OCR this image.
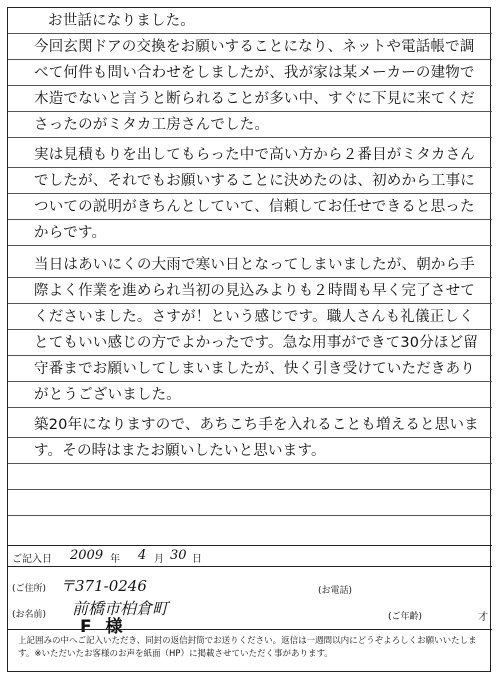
お世話になりました。
今回玄関ドアの交換をお願いすることになり、ネットや電話帳で調
べて何件も問い合わせをしましたが、我が家は某メーカーの建物で
木造でないと言うと断られることが多い中、すぐに下見に来てくだ
さったのがミタカ工房さんでした。
実は見積もりを出してもらった中で高い方から２番目がミタカさん
でしたが、それでもお願いすることに決めたのは、初めから工事に
ついての説明がきちんとしていて、信頼してお任せできると思った
からです。
当日はあいにくの大雨で寒い日となってしまいましたが、朝から手
際よく作業を進められ当初の見込みよりも２時間も早く完了させて
くださいました。さすが！という感じです。職人さんも礼儀正しく
とてもいい感じの方でよかったです。急な用事ができて30分ほど留
守番までお願いしてしまいましたが、快く引き受けていただきあり
がとうございました。
築20年になりますので、あちこち手を入れることも増えると思いま
す。その時はまたお願いしたいと思います。
ご記入日 2009 年 4 月 30 日
(ご住所) 〒371-0246	(お電話)
(お名前) 前橋市柏倉町
F 様	(ご年齢)	才
上記囲みの中へご記入いただき、同封の返信封筒でお送りください。返信は一週間以内にどうぞよろしくお願いいたします。※いただいたお客様のお声を紙面（HP）に掲載させていただく事があります。
